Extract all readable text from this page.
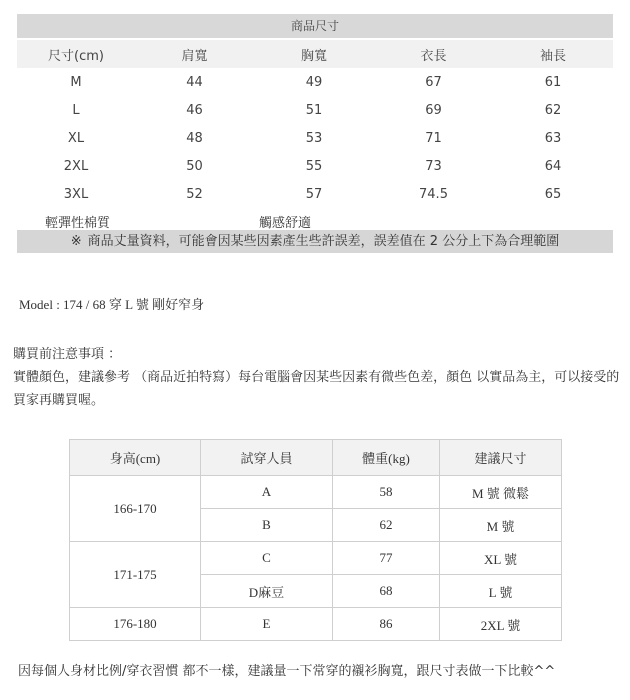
商品尺寸
尺寸(cm)	肩寬	胸寬	衣長	袖長
M	44	49	67	61
L	46	51	69	62
XL	48	53	71	63
2XL	50	55	73	64
3XL	52	57	74.5	65
輕彈性棉質	觸感舒適
※ 商品丈量資料，可能會因某些因素產生些許誤差，誤差值在 2 公分上下為合理範圍
Model : 174 / 68 穿 L 號 剛好窄身
購買前注意事項 ：
實體顏色，建議參考 （商品近拍特寫）每台電腦會因某些因素有微些色差，顏色 以實品為主，可以接受的買家再購買喔。
身高(cm)	試穿人員	體重(kg)	建議尺寸
166-170	A	58	M 號 微鬆
	B	62	M 號
171-175	C	77	XL 號
	D麻豆	68	L 號
176-180	E	86	2XL 號
因每個人身材比例/穿衣習慣 都不一樣，建議量一下常穿的襯衫胸寬，跟尺寸表做一下比較^^
